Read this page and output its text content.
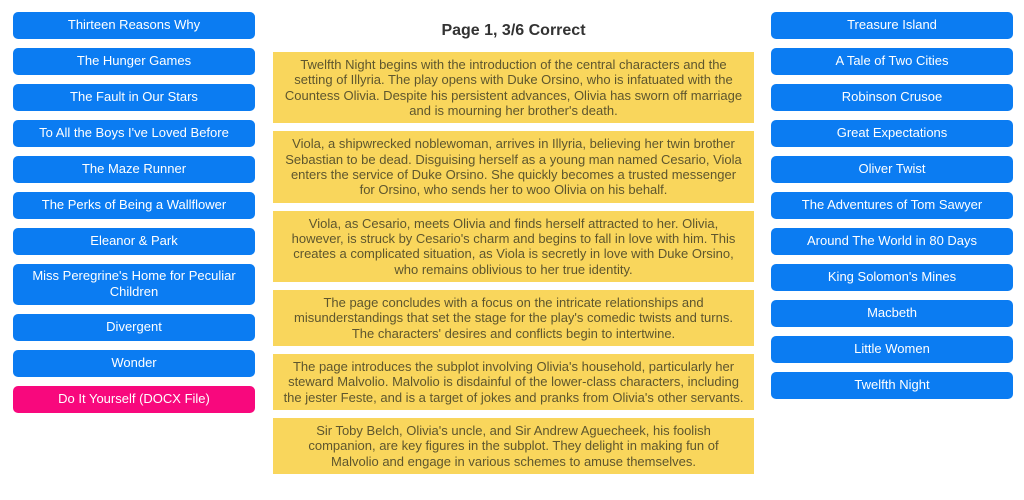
Thirteen Reasons Why
The Hunger Games
The Fault in Our Stars
To All the Boys I've Loved Before
The Maze Runner
The Perks of Being a Wallflower
Eleanor & Park
Miss Peregrine's Home for Peculiar Children
Divergent
Wonder
Do It Yourself (DOCX File)
Page 1, 3/6 Correct
Twelfth Night begins with the introduction of the central characters and the setting of Illyria. The play opens with Duke Orsino, who is infatuated with the Countess Olivia. Despite his persistent advances, Olivia has sworn off marriage and is mourning her brother's death.
Viola, a shipwrecked noblewoman, arrives in Illyria, believing her twin brother Sebastian to be dead. Disguising herself as a young man named Cesario, Viola enters the service of Duke Orsino. She quickly becomes a trusted messenger for Orsino, who sends her to woo Olivia on his behalf.
Viola, as Cesario, meets Olivia and finds herself attracted to her. Olivia, however, is struck by Cesario's charm and begins to fall in love with him. This creates a complicated situation, as Viola is secretly in love with Duke Orsino, who remains oblivious to her true identity.
The page concludes with a focus on the intricate relationships and misunderstandings that set the stage for the play's comedic twists and turns. The characters' desires and conflicts begin to intertwine.
The page introduces the subplot involving Olivia's household, particularly her steward Malvolio. Malvolio is disdainful of the lower-class characters, including the jester Feste, and is a target of jokes and pranks from Olivia's other servants.
Sir Toby Belch, Olivia's uncle, and Sir Andrew Aguecheek, his foolish companion, are key figures in the subplot. They delight in making fun of Malvolio and engage in various schemes to amuse themselves.
Treasure Island
A Tale of Two Cities
Robinson Crusoe
Great Expectations
Oliver Twist
The Adventures of Tom Sawyer
Around The World in 80 Days
King Solomon's Mines
Macbeth
Little Women
Twelfth Night
